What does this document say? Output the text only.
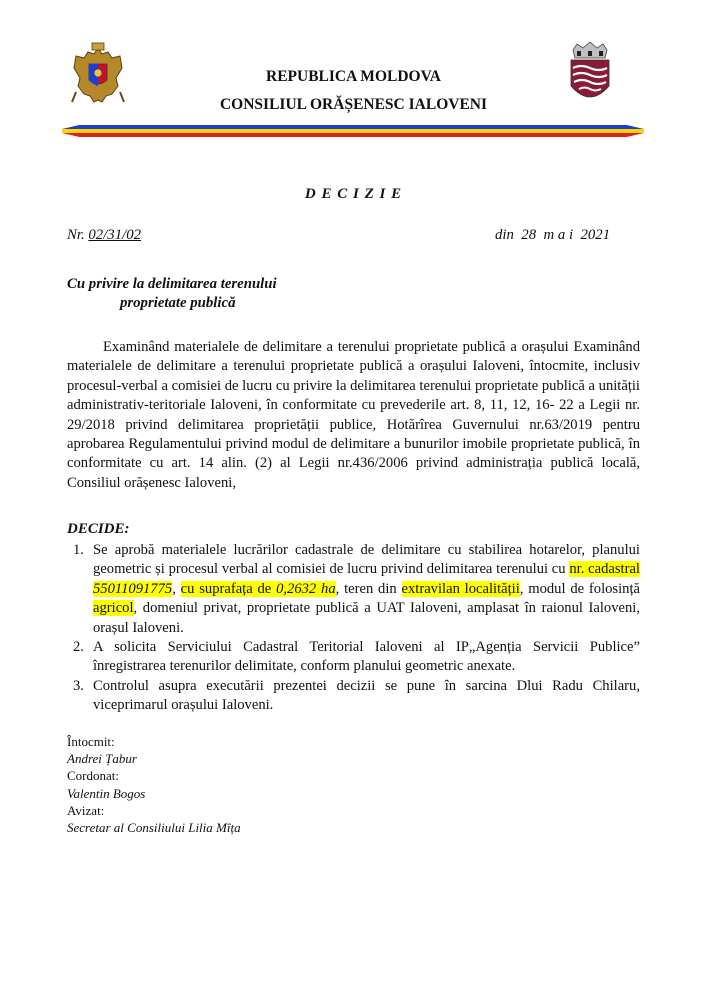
REPUBLICA MOLDOVA
CONSILIUL ORĂȘENESC IALOVENI
D E C I Z I E
Nr. 02/31/02	din  28  m a i  2021
Cu privire la delimitarea terenului
proprietate publică
Examinând materialele de delimitare a terenului proprietate publică a orașului Examinând materialele de delimitare a terenului proprietate publică a orașului Ialoveni, întocmite, inclusiv procesul-verbal a comisiei de lucru cu privire la delimitarea terenului proprietate publică a unității administrativ-teritoriale Ialoveni, în conformitate cu prevederile art. 8, 11, 12, 16- 22 a Legii nr. 29/2018 privind delimitarea proprietății publice, Hotărîrea Guvernului nr.63/2019 pentru aprobarea Regulamentului privind modul de delimitare a bunurilor imobile proprietate publică, în conformitate cu art. 14 alin. (2) al Legii nr.436/2006 privind administrația publică locală, Consiliul orășenesc Ialoveni,
DECIDE:
1. Se aprobă materialele lucrărilor cadastrale de delimitare cu stabilirea hotarelor, planului geometric și procesul verbal al comisiei de lucru privind delimitarea terenului cu nr. cadastral 55011091775, cu suprafața de 0,2632 ha, teren din extravilan localității, modul de folosință agricol, domeniul privat, proprietate publică a UAT Ialoveni, amplasat în raionul Ialoveni, orașul Ialoveni.
2. A solicita Serviciului Cadastral Teritorial Ialoveni al IP„Agenția Servicii Publice” înregistrarea terenurilor delimitate, conform planului geometric anexate.
3. Controlul asupra executării prezentei decizii se pune în sarcina Dlui Radu Chilaru, viceprimarul orașului Ialoveni.
Întocmit:
Andrei Țabur
Cordonat:
Valentin Bogos
Avizat:
Secretar al Consiliului Lilia Mîța
